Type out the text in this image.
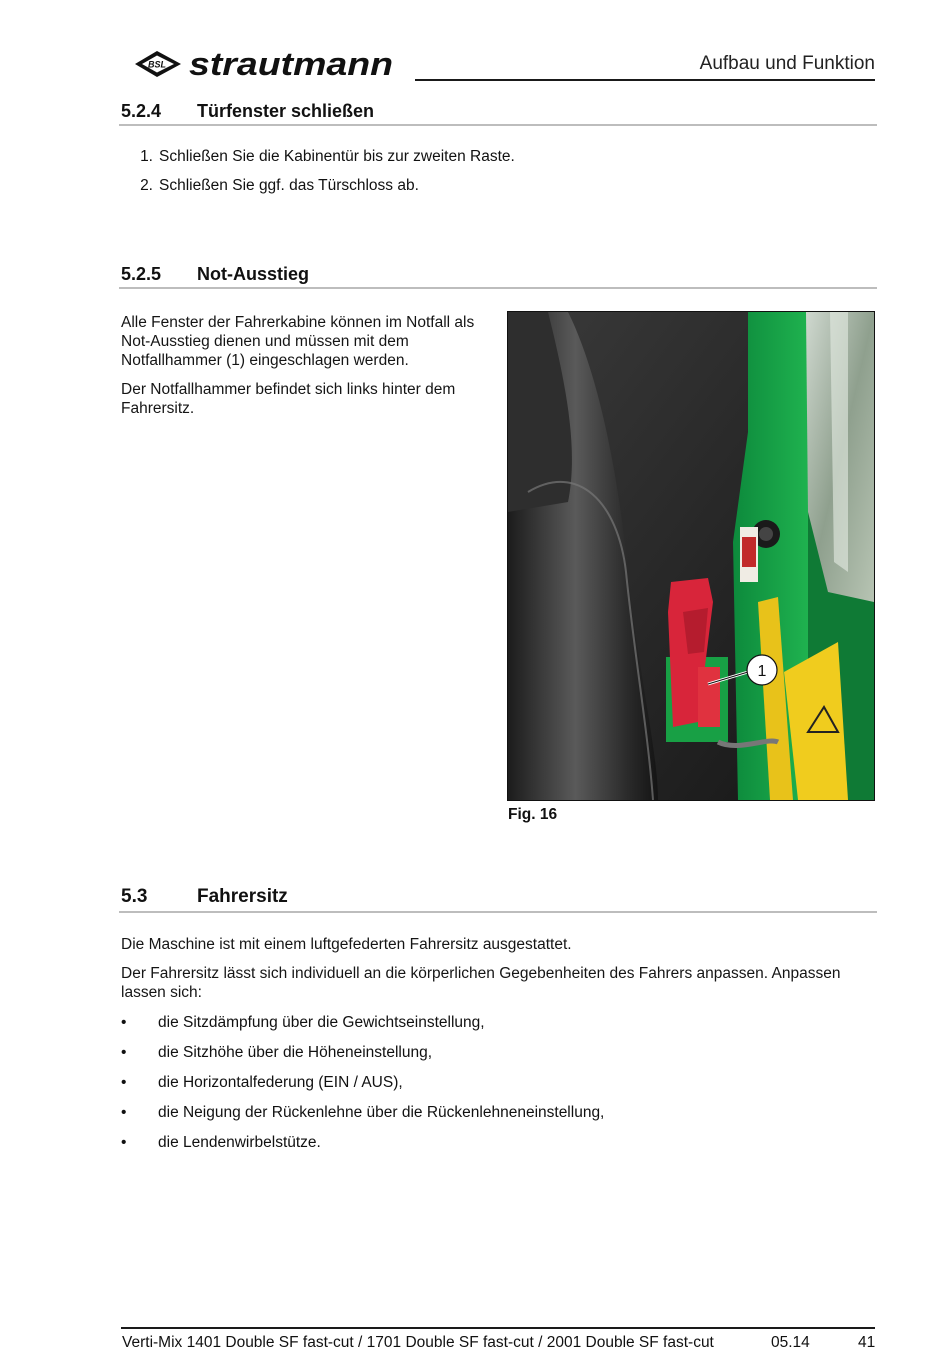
BSL strautmann	Aufbau und Funktion
5.2.4 Türfenster schließen
1. Schließen Sie die Kabinentür bis zur zweiten Raste.
2. Schließen Sie ggf. das Türschloss ab.
5.2.5 Not-Ausstieg
Alle Fenster der Fahrerkabine können im Notfall als Not-Ausstieg dienen und müssen mit dem Notfallhammer (1) eingeschlagen werden.
Der Notfallhammer befindet sich links hinter dem Fahrersitz.
1
Fig. 16
5.3	Fahrersitz
Die Maschine ist mit einem luftgefederten Fahrersitz ausgestattet.
Der Fahrersitz lässt sich individuell an die körperlichen Gegebenheiten des Fahrers anpassen. Anpassen lassen sich:
• die Sitzdämpfung über die Gewichtseinstellung,
• die Sitzhöhe über die Höheneinstellung,
• die Horizontalfederung (EIN / AUS),
• die Neigung der Rückenlehne über die Rückenlehneneinstellung,
• die Lendenwirbelstütze.
Verti-Mix 1401 Double SF fast-cut / 1701 Double SF fast-cut / 2001 Double SF fast-cut	05.14	41
